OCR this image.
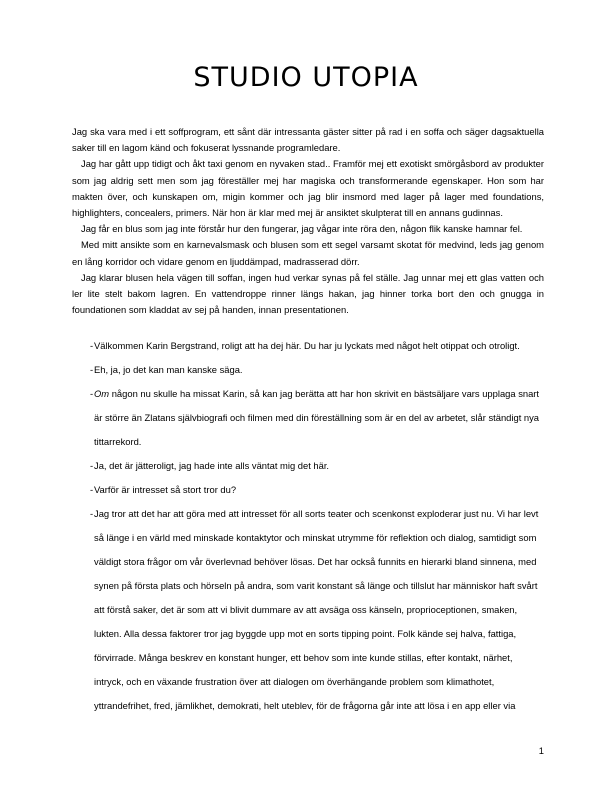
STUDIO UTOPIA

Jag ska vara med i ett soffprogram, ett sånt där intressanta gäster sitter på rad i en soffa och säger dagsaktuella saker till en lagom känd och fokuserat lyssnande programledare.

Jag har gått upp tidigt och åkt taxi genom en nyvaken stad.. Framför mej ett exotiskt smörgåsbord av produkter som jag aldrig sett men som jag föreställer mej har magiska och transformerande egenskaper. Hon som har makten över, och kunskapen om, migin kommer och jag blir insmord med lager på lager med foundations, highlighters, concealers, primers. När hon är klar med mej är ansiktet skulpterat till en annans gudinnas.

Jag får en blus som jag inte förstår hur den fungerar, jag vågar inte röra den, någon flik kanske hamnar fel.

Med mitt ansikte som en karnevalsmask och blusen som ett segel varsamt skotat för medvind, leds jag genom en lång korridor och vidare genom en ljuddämpad, madrasserad dörr.

Jag klarar blusen hela vägen till soffan, ingen hud verkar synas på fel ställe. Jag unnar mej ett glas vatten och ler lite stelt bakom lagren. En vattendroppe rinner längs hakan, jag hinner torka bort den och gnugga in foundationen som kladdat av sej på handen, innan presentationen.

- Välkommen Karin Bergstrand, roligt att ha dej här. Du har ju lyckats med något helt otippat och otroligt.
- Eh, ja, jo det kan man kanske säga.
- Om någon nu skulle ha missat Karin, så kan jag berätta att har hon skrivit en bästsäljare vars upplaga snart är större än Zlatans självbiografi och filmen med din föreställning som är en del av arbetet, slår ständigt nya tittarrekord.
- Ja, det är jätteroligt, jag hade inte alls väntat mig det här.
- Varför är intresset så stort tror du?
- Jag tror att det har att göra med att intresset för all sorts teater och scenkonst exploderar just nu. Vi har levt så länge i en värld med minskade kontaktytor och minskat utrymme för reflektion och dialog, samtidigt som väldigt stora frågor om vår överlevnad behöver lösas. Det har också funnits en hierarki bland sinnena, med synen på första plats och hörseln på andra, som varit konstant så länge och tillslut har människor haft svårt att förstå saker, det är som att vi blivit dummare av att avsäga oss känseln, proprioceptionen, smaken, lukten. Alla dessa faktorer tror jag byggde upp mot en sorts tipping point. Folk kände sej halva, fattiga, förvirrade. Många beskrev en konstant hunger, ett behov som inte kunde stillas, efter kontakt, närhet, intryck, och en växande frustration över att dialogen om överhängande problem som klimathotet, yttrandefrihet, fred, jämlikhet, demokrati, helt uteblev, för de frågorna går inte att lösa i en app eller via
1
